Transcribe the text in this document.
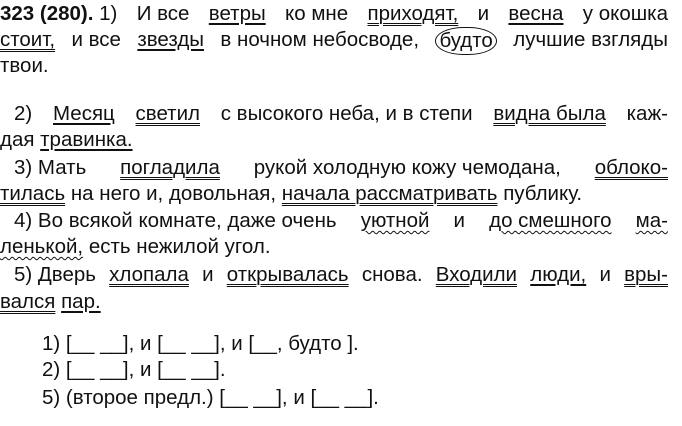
323 (280). 1) И все ветры ко мне приходят, и весна у окошка
стоит, и все звезды в ночном небосводе, будто лучшие взгляды
твои.
2) Месяц светил с высокого неба, и в степи видна была каж-
дая травинка.
3) Мать погладила рукой холодную кожу чемодана, облоко-
тилась на него и, довольная, начала рассматривать публику.
4) Во всякой комнате, даже очень уютной и до смешного ма-
ленькой, есть нежилой угол.
5) Дверь хлопала и открывалась снова. Входили люди, и вры-
вался пар.
1) [__ __], и [__ __], и [__, будто ].
2) [__ __], и [__ __].
5) (второе предл.) [__ __], и [__ __].
